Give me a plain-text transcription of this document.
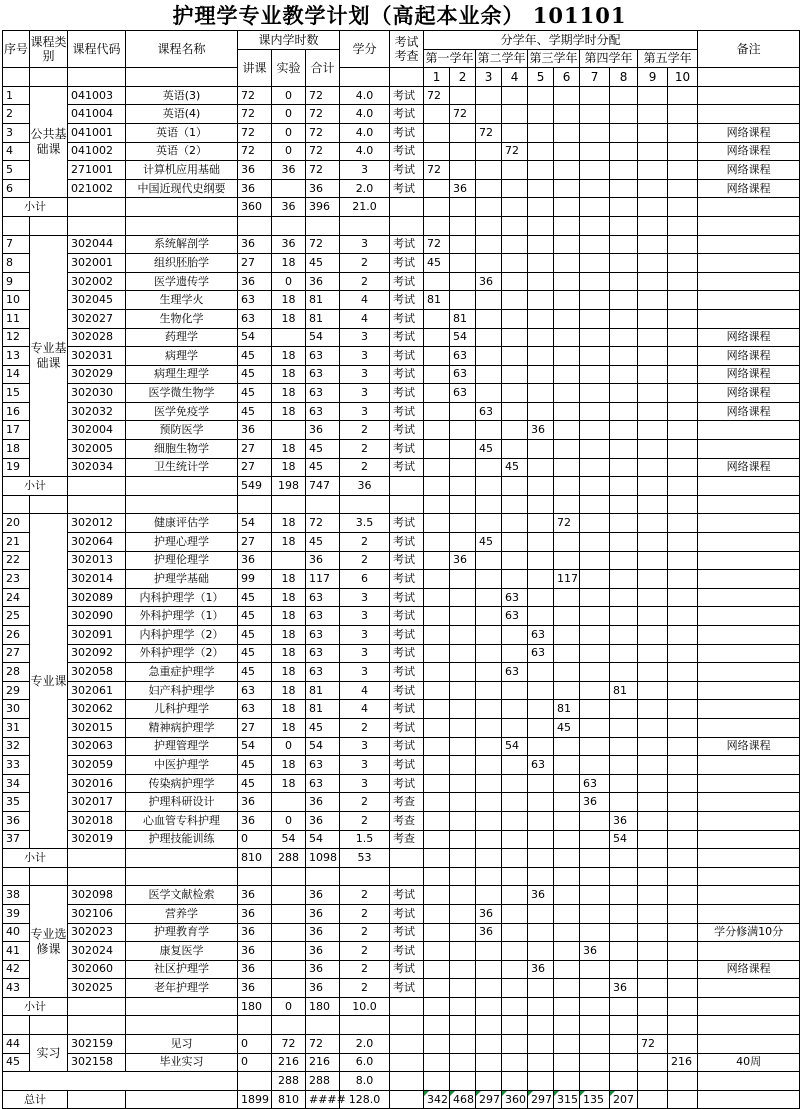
护理学专业教学计划（高起本业余） 101101
序号	课程类别	课程代码	课程名称	课内学时数			学分	考试考查	分学年、学期学时分配										备注
				讲课	实验	合计			第一学年		第二学年		第三学年		第四学年		第五学年		
									1	2	3	4	5	6	7	8	9	10	
1	公共基础课	041003	英语(3)	72	0	72	4.0	考试	72										
2		041004	英语(4)	72	0	72	4.0	考试		72									
3		041001	英语（1）	72	0	72	4.0	考试			72								网络课程
4		041002	英语（2）	72	0	72	4.0	考试				72							网络课程
5		271001	计算机应用基础	36	36	72	3	考试	72										网络课程
6		021002	中国近现代史纲要	36		36	2.0	考试		36									网络课程
小计				360	36	396	21.0												

7	专业基础课	302044	系统解剖学	36	36	72	3	考试	72										
8		302001	组织胚胎学	27	18	45	2	考试	45										
9		302002	医学遗传学	36	0	36	2	考试			36								
10		302045	生理学火	63	18	81	4	考试	81										
11		302027	生物化学	63	18	81	4	考试		81									
12		302028	药理学	54		54	3	考试		54									网络课程
13		302031	病理学	45	18	63	3	考试		63									网络课程
14		302029	病理生理学	45	18	63	3	考试		63									网络课程
15		302030	医学微生物学	45	18	63	3	考试		63									网络课程
16		302032	医学免疫学	45	18	63	3	考试			63								网络课程
17		302004	预防医学	36		36	2	考试					36						
18		302005	细胞生物学	27	18	45	2	考试			45								
19		302034	卫生统计学	27	18	45	2	考试				45							网络课程
小计				549	198	747	36												

20	专业课	302012	健康评估学	54	18	72	3.5	考试						72					
21		302064	护理心理学	27	18	45	2	考试			45								
22		302013	护理伦理学	36		36	2	考试		36									
23		302014	护理学基础	99	18	117	6	考试						117					
24		302089	内科护理学（1）	45	18	63	3	考试				63							
25		302090	外科护理学（1）	45	18	63	3	考试				63							
26		302091	内科护理学（2）	45	18	63	3	考试					63						
27		302092	外科护理学（2）	45	18	63	3	考试					63						
28		302058	急重症护理学	45	18	63	3	考试				63							
29		302061	妇产科护理学	63	18	81	4	考试								81			
30		302062	儿科护理学	63	18	81	4	考试						81					
31		302015	精神病护理学	27	18	45	2	考试						45					
32		302063	护理管理学	54	0	54	3	考试				54							网络课程
33		302059	中医护理学	45	18	63	3	考试					63						
34		302016	传染病护理学	45	18	63	3	考试							63				
35		302017	护理科研设计	36		36	2	考查							36				
36		302018	心血管专科护理	36	0	36	2	考查								36			
37		302019	护理技能训练	0	54	54	1.5	考查								54			
小计				810	288	1098	53												

38	专业选修课	302098	医学文献检索	36		36	2	考试					36						
39		302106	营养学	36		36	2	考试			36								
40		302023	护理教育学	36		36	2	考试			36								学分修满10分
41		302024	康复医学	36		36	2	考试							36				
42		302060	社区护理学	36		36	2	考试					36						网络课程
43		302025	老年护理学	36		36	2	考试								36			
小计				180	0	180	10.0												

44	实习	302159	见习	0	72	72	2.0										72		
45		302158	毕业实习	0	216	216	6.0											216	40周
					288	288	8.0												
总计				1899	810	####	128.0		342	468	297	360	297	315	135	207			
